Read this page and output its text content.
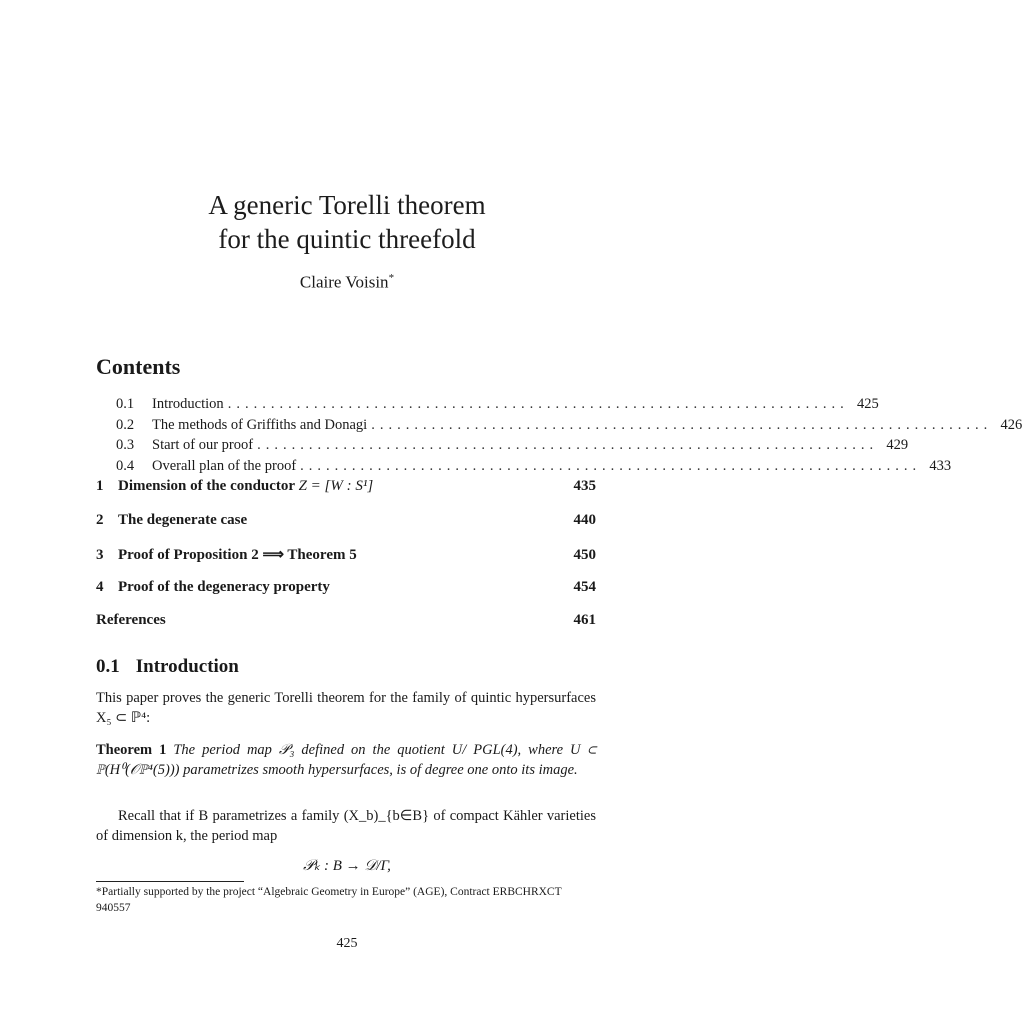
A generic Torelli theorem
for the quintic threefold
Claire Voisin*
Contents
0.1	Introduction ........................................................................ 425
0.2	The methods of Griffiths and Donagi ........................................................................ 426
0.3	Start of our proof ........................................................................ 429
0.4	Overall plan of the proof ........................................................................ 433
1 Dimension of the conductor Z = [W : S¹]	435
2 The degenerate case	440
3 Proof of Proposition 2 ⟹ Theorem 5	450
4 Proof of the degeneracy property	454
References	461
0.1 Introduction
This paper proves the generic Torelli theorem for the family of quintic hypersurfaces X₅ ⊂ ℙ⁴:
Theorem 1 The period map 𝒫₃ defined on the quotient U/ PGL(4), where U ⊂ ℙ(H⁰(𝒪ℙ⁴(5))) parametrizes smooth hypersurfaces, is of degree one onto its image.
Recall that if B parametrizes a family (X_b)_{b∈B} of compact Kähler varieties of dimension k, the period map
𝒫ₖ : B → 𝒟/Γ,
*Partially supported by the project “Algebraic Geometry in Europe” (AGE), Contract ERBCHRXCT 940557
425
